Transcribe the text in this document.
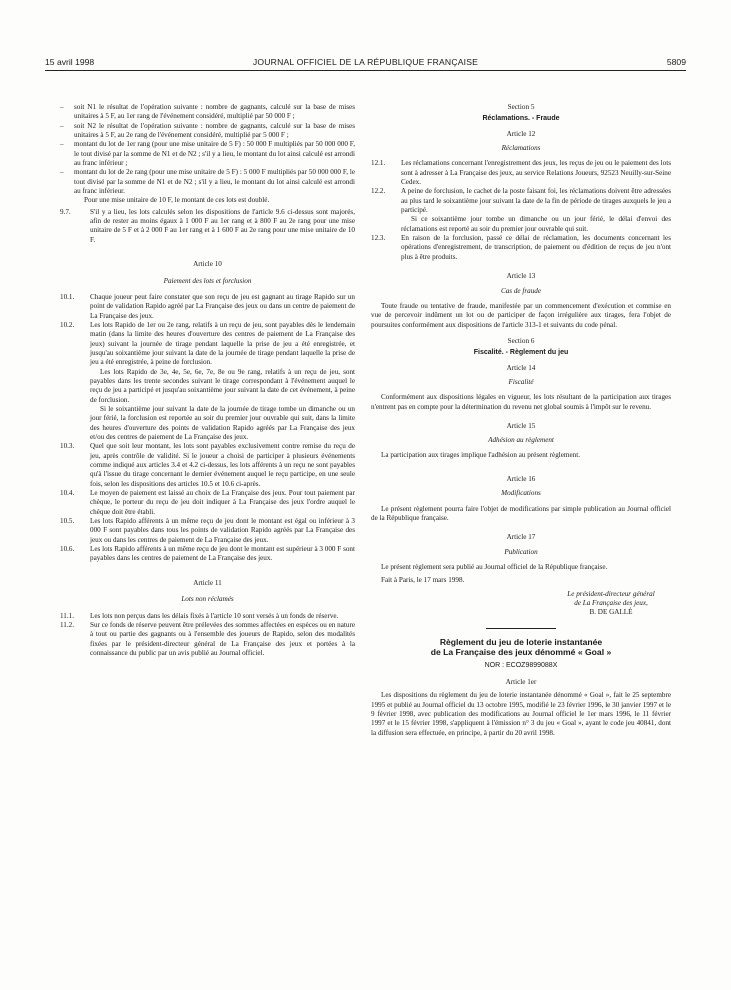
15 avril 1998	JOURNAL OFFICIEL DE LA RÉPUBLIQUE FRANÇAISE	5809

– soit N1 le résultat de l'opération suivante : nombre de gagnants, calculé sur la base de mises unitaires à 5 F, au 1er rang de l'événement considéré, multiplié par 50 000 F ;

– soit N2 le résultat de l'opération suivante : nombre de gagnants, calculé sur la base de mises unitaires à 5 F, au 2e rang de l'événement considéré, multiplié par 5 000 F ;

– montant du lot de 1er rang (pour une mise unitaire de 5 F) : 50 000 F multipliés par 50 000 000 F, le tout divisé par la somme de N1 et de N2 ; s'il y a lieu, le montant du lot ainsi calculé est arrondi au franc inférieur ;

– montant du lot de 2e rang (pour une mise unitaire de 5 F) : 5 000 F multipliés par 50 000 000 F, le tout divisé par la somme de N1 et de N2 ; s'il y a lieu, le montant du lot ainsi calculé est arrondi au franc inférieur.

Pour une mise unitaire de 10 F, le montant de ces lots est doublé.

9.7.	S'il y a lieu, les lots calculés selon les dispositions de l'article 9.6 ci-dessus sont majorés, afin de rester au moins égaux à 1 000 F au 1er rang et à 800 F au 2e rang pour une mise unitaire de 5 F et à 2 000 F au 1er rang et à 1 600 F au 2e rang pour une mise unitaire de 10 F.

Article 10

Paiement des lots et forclusion

10.1. Chaque joueur peut faire constater que son reçu de jeu est gagnant au tirage Rapido sur un point de validation Rapido agréé par La Française des jeux ou dans un centre de paiement de La Française des jeux.

10.2. Les lots Rapido de 1er ou 2e rang, relatifs à un reçu de jeu, sont payables dès le lendemain matin (dans la limite des heures d'ouverture des centres de paiement de La Française des jeux) suivant la journée de tirage pendant laquelle la prise de jeu a été enregistrée, et jusqu'au soixantième jour suivant la date de la journée de tirage pendant laquelle la prise de jeu a été enregistrée, à peine de forclusion.

Les lots Rapido de 3e, 4e, 5e, 6e, 7e, 8e ou 9e rang, relatifs à un reçu de jeu, sont payables dans les trente secondes suivant le tirage correspondant à l'événement auquel le reçu de jeu a participé et jusqu'au soixantième jour suivant la date de cet événement, à peine de forclusion.

Si le soixantième jour suivant la date de la journée de tirage tombe un dimanche ou un jour férié, la forclusion est reportée au soir du premier jour ouvrable qui suit, dans la limite des heures d'ouverture des points de validation Rapido agréés par La Française des jeux et/ou des centres de paiement de La Française des jeux.

10.3. Quel que soit leur montant, les lots sont payables exclusivement contre remise du reçu de jeu, après contrôle de validité. Si le joueur a choisi de participer à plusieurs événements comme indiqué aux articles 3.4 et 4.2 ci-dessus, les lots afférents à un reçu ne sont payables qu'à l'issue du tirage concernant le dernier événement auquel le reçu participe, en une seule fois, selon les dispositions des articles 10.5 et 10.6 ci-après.

10.4. Le moyen de paiement est laissé au choix de La Française des jeux. Pour tout paiement par chèque, le porteur du reçu de jeu doit indiquer à La Française des jeux l'ordre auquel le chèque doit être établi.

10.5. Les lots Rapido afférents à un même reçu de jeu dont le montant est égal ou inférieur à 3 000 F sont payables dans tous les points de validation Rapido agréés par La Française des jeux ou dans les centres de paiement de La Française des jeux.

10.6. Les lots Rapido afférents à un même reçu de jeu dont le montant est supérieur à 3 000 F sont payables dans les centres de paiement de La Française des jeux.

Article 11

Lots non réclamés

11.1. Les lots non perçus dans les délais fixés à l'article 10 sont versés à un fonds de réserve.

11.2. Sur ce fonds de réserve peuvent être prélevées des sommes affectées en espèces ou en nature à tout ou partie des gagnants ou à l'ensemble des joueurs de Rapido, selon des modalités fixées par le président-directeur général de La Française des jeux et portées à la connaissance du public par un avis publié au Journal officiel.

Section 5

Réclamations. - Fraude

Article 12

Réclamations

12.1. Les réclamations concernant l'enregistrement des jeux, les reçus de jeu ou le paiement des lots sont à adresser à La Française des jeux, au service Relations Joueurs, 92523 Neuilly-sur-Seine Cedex.

12.2. A peine de forclusion, le cachet de la poste faisant foi, les réclamations doivent être adressées au plus tard le soixantième jour suivant la date de la fin de période de tirages auxquels le jeu a participé.

Si ce soixantième jour tombe un dimanche ou un jour férié, le délai d'envoi des réclamations est reporté au soir du premier jour ouvrable qui suit.

12.3. En raison de la forclusion, passé ce délai de réclamation, les documents concernant les opérations d'enregistrement, de transcription, de paiement ou d'édition de reçus de jeu n'ont plus à être produits.

Article 13

Cas de fraude

Toute fraude ou tentative de fraude, manifestée par un commencement d'exécution et commise en vue de percevoir indûment un lot ou de participer de façon irrégulière aux tirages, fera l'objet de poursuites conformément aux dispositions de l'article 313-1 et suivants du code pénal.

Section 6

Fiscalité. - Règlement du jeu

Article 14

Fiscalité

Conformément aux dispositions légales en vigueur, les lots résultant de la participation aux tirages n'entrent pas en compte pour la détermination du revenu net global soumis à l'impôt sur le revenu.

Article 15

Adhésion au règlement

La participation aux tirages implique l'adhésion au présent règlement.

Article 16

Modifications

Le présent règlement pourra faire l'objet de modifications par simple publication au Journal officiel de la République française.

Article 17

Publication

Le présent règlement sera publié au Journal officiel de la République française.

Fait à Paris, le 17 mars 1998.

Le président-directeur général

de La Française des jeux,

B. DE GALLÉ

Règlement du jeu de loterie instantanée

de La Française des jeux dénommé « Goal »

NOR : ECOZ9899088X

Article 1er

Les dispositions du règlement du jeu de loterie instantanée dénommé « Goal », fait le 25 septembre 1995 et publié au Journal officiel du 13 octobre 1995, modifié le 23 février 1996, le 30 janvier 1997 et le 9 février 1998, avec publication des modifications au Journal officiel le 1er mars 1996, le 11 février 1997 et le 15 février 1998, s'appliquent à l'émission n° 3 du jeu « Goal », ayant le code jeu 40841, dont la diffusion sera effectuée, en principe, à partir du 20 avril 1998.
